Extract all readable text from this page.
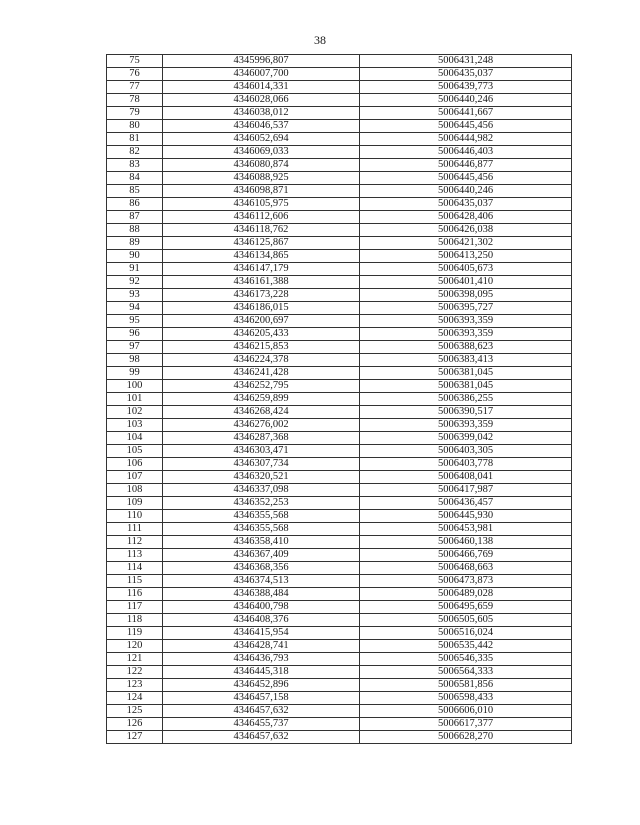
38
75	4345996,807	5006431,248
76	4346007,700	5006435,037
77	4346014,331	5006439,773
78	4346028,066	5006440,246
79	4346038,012	5006441,667
80	4346046,537	5006445,456
81	4346052,694	5006444,982
82	4346069,033	5006446,403
83	4346080,874	5006446,877
84	4346088,925	5006445,456
85	4346098,871	5006440,246
86	4346105,975	5006435,037
87	4346112,606	5006428,406
88	4346118,762	5006426,038
89	4346125,867	5006421,302
90	4346134,865	5006413,250
91	4346147,179	5006405,673
92	4346161,388	5006401,410
93	4346173,228	5006398,095
94	4346186,015	5006395,727
95	4346200,697	5006393,359
96	4346205,433	5006393,359
97	4346215,853	5006388,623
98	4346224,378	5006383,413
99	4346241,428	5006381,045
100	4346252,795	5006381,045
101	4346259,899	5006386,255
102	4346268,424	5006390,517
103	4346276,002	5006393,359
104	4346287,368	5006399,042
105	4346303,471	5006403,305
106	4346307,734	5006403,778
107	4346320,521	5006408,041
108	4346337,098	5006417,987
109	4346352,253	5006436,457
110	4346355,568	5006445,930
111	4346355,568	5006453,981
112	4346358,410	5006460,138
113	4346367,409	5006466,769
114	4346368,356	5006468,663
115	4346374,513	5006473,873
116	4346388,484	5006489,028
117	4346400,798	5006495,659
118	4346408,376	5006505,605
119	4346415,954	5006516,024
120	4346428,741	5006535,442
121	4346436,793	5006546,335
122	4346445,318	5006564,333
123	4346452,896	5006581,856
124	4346457,158	5006598,433
125	4346457,632	5006606,010
126	4346455,737	5006617,377
127	4346457,632	5006628,270
